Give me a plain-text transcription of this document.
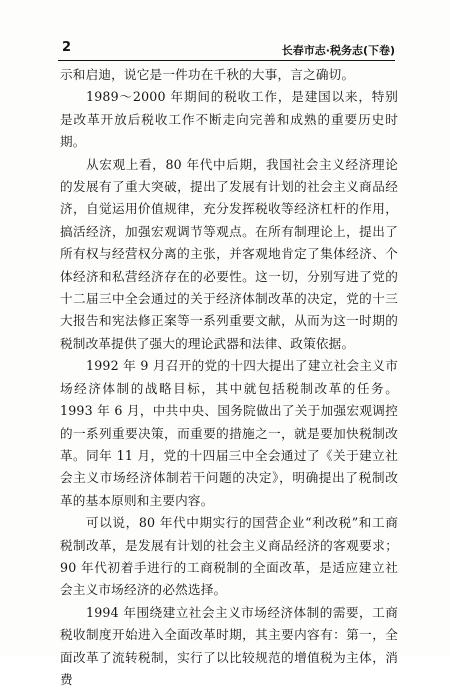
2	长春市志·税务志(下卷)

示和启迪，说它是一件功在千秋的大事，言之确切。

1989～2000 年期间的税收工作，是建国以来，特别是改革开放后税收工作不断走向完善和成熟的重要历史时期。

从宏观上看，80 年代中后期，我国社会主义经济理论的发展有了重大突破，提出了发展有计划的社会主义商品经济，自觉运用价值规律，充分发挥税收等经济杠杆的作用，搞活经济，加强宏观调节等观点。在所有制理论上，提出了所有权与经营权分离的主张，并客观地肯定了集体经济、个体经济和私营经济存在的必要性。这一切，分别写进了党的十二届三中全会通过的关于经济体制改革的决定，党的十三大报告和宪法修正案等一系列重要文献，从而为这一时期的税制改革提供了强大的理论武器和法律、政策依据。

1992 年 9 月召开的党的十四大提出了建立社会主义市场经济体制的战略目标，其中就包括税制改革的任务。1993 年 6 月，中共中央、国务院做出了关于加强宏观调控的一系列重要决策，而重要的措施之一，就是要加快税制改革。同年 11 月，党的十四届三中全会通过了《关于建立社会主义市场经济体制若干问题的决定》，明确提出了税制改革的基本原则和主要内容。

可以说，80 年代中期实行的国营企业“利改税”和工商税制改革，是发展有计划的社会主义商品经济的客观要求；90 年代初着手进行的工商税制的全面改革，是适应建立社会主义市场经济的必然选择。

1994 年围绕建立社会主义市场经济体制的需要，工商税收制度开始进入全面改革时期，其主要内容有：第一，全面改革了流转税制，实行了以比较规范的增值税为主体，消费
